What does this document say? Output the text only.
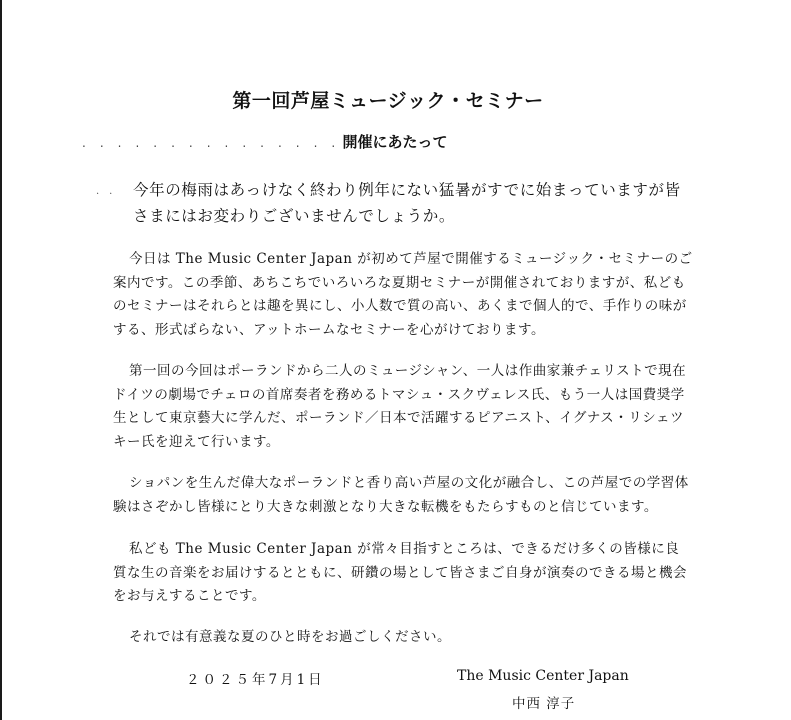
第一回芦屋ミュージック・セミナー
...............
開催にあたって
.. 今年の梅雨はあっけなく終わり例年にない猛暑がすでに始まっていますが皆さまにはお変わりございませんでしょうか。
今日は The Music Center Japan が初めて芦屋で開催するミュージック・セミナーのご案内です。この季節、あちこちでいろいろな夏期セミナーが開催されておりますが、私どものセミナーはそれらとは趣を異にし、小人数で質の高い、あくまで個人的で、手作りの味がする、形式ばらない、アットホームなセミナーを心がけております。
第一回の今回はポーランドから二人のミュージシャン、一人は作曲家兼チェリストで現在ドイツの劇場でチェロの首席奏者を務めるトマシュ・スクヴェレス氏、もう一人は国費奨学生として東京藝大に学んだ、ポーランド／日本で活躍するピアニスト、イグナス・リシェツキー氏を迎えて行います。
ショパンを生んだ偉大なポーランドと香り高い芦屋の文化が融合し、この芦屋での学習体験はさぞかし皆様にとり大きな刺激となり大きな転機をもたらすものと信じています。
私ども The Music Center Japan が常々目指すところは、できるだけ多くの皆様に良質な生の音楽をお届けするとともに、研鑽の場として皆さまご自身が演奏のできる場と機会をお与えすることです。
それでは有意義な夏のひと時をお過ごしください。
２０２５年7月1日	The Music Center Japan
中西 淳子
